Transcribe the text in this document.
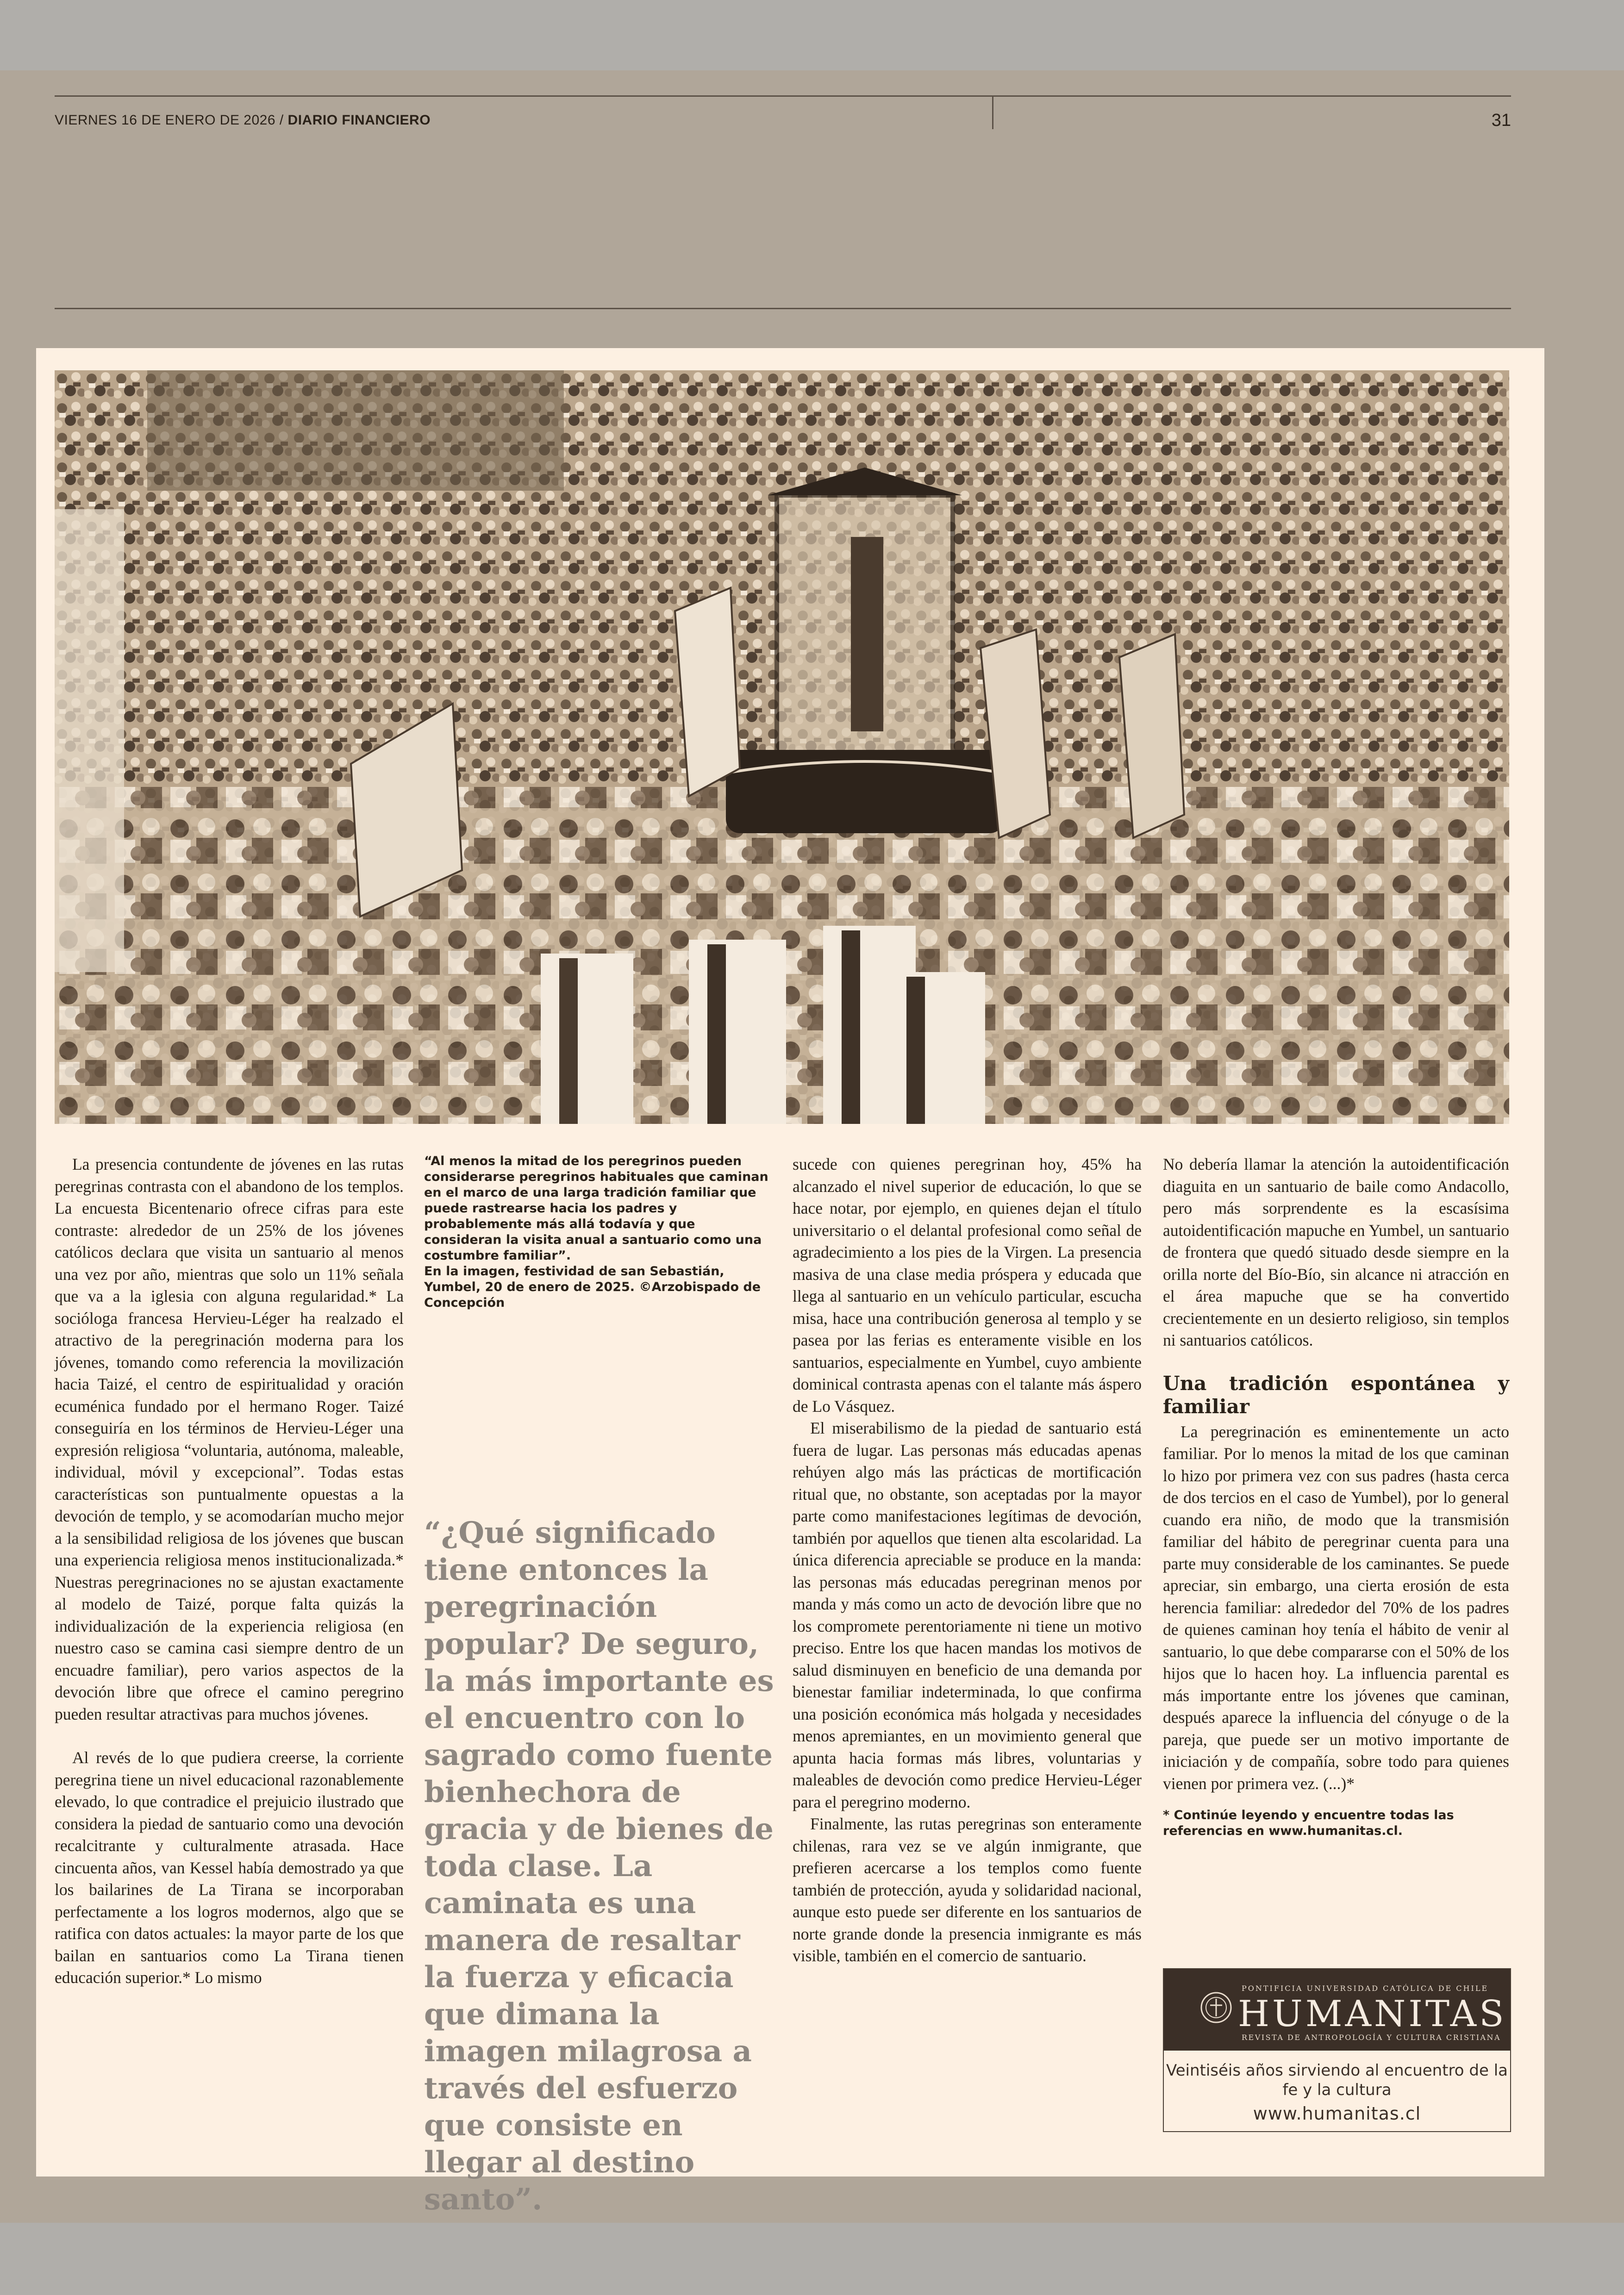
VIERNES 16 DE ENERO DE 2026 / DIARIO FINANCIERO	31

La presencia contundente de jóvenes en las rutas peregrinas contrasta con el abandono de los templos. La encuesta Bicentenario ofrece cifras para este contraste: alrededor de un 25% de los jóvenes católicos declara que visita un santuario al menos una vez por año, mientras que solo un 11% señala que va a la iglesia con alguna regularidad.* La socióloga francesa Hervieu-Léger ha realzado el atractivo de la peregrinación moderna para los jóvenes, tomando como referencia la movilización hacia Taizé, el centro de espiritualidad y oración ecuménica fundado por el hermano Roger. Taizé conseguiría en los términos de Hervieu-Léger una expresión religiosa “voluntaria, autónoma, maleable, individual, móvil y excepcional”. Todas estas características son puntualmente opuestas a la devoción de templo, y se acomodarían mucho mejor a la sensibilidad religiosa de los jóvenes que buscan una experiencia religiosa menos institucionalizada.* Nuestras peregrinaciones no se ajustan exactamente al modelo de Taizé, porque falta quizás la individualización de la experiencia religiosa (en nuestro caso se camina casi siempre dentro de un encuadre familiar), pero varios aspectos de la devoción libre que ofrece el camino peregrino pueden resultar atractivas para muchos jóvenes.

Al revés de lo que pudiera creerse, la corriente peregrina tiene un nivel educacional razonablemente elevado, lo que contradice el prejuicio ilustrado que considera la piedad de santuario como una devoción recalcitrante y culturalmente atrasada. Hace cincuenta años, van Kessel había demostrado ya que los bailarines de La Tirana se incorporaban perfectamente a los logros modernos, algo que se ratifica con datos actuales: la mayor parte de los que bailan en santuarios como La Tirana tienen educación superior.* Lo mismo

“Al menos la mitad de los peregrinos pueden considerarse peregrinos habituales que caminan en el marco de una larga tradición familiar que puede rastrearse hacia los padres y probablemente más allá todavía y que consideran la visita anual a santuario como una costumbre familiar”.
En la imagen, festividad de san Sebastián, Yumbel, 20 de enero de 2025. ©Arzobispado de Concepción
“¿Qué significado tiene entonces la peregrinación popular? De seguro, la más importante es el encuentro con lo sagrado como fuente bienhechora de gracia y de bienes de toda clase. La caminata es una manera de resaltar la fuerza y eficacia que dimana la imagen milagrosa a través del esfuerzo que consiste en llegar al destino santo”.

sucede con quienes peregrinan hoy, 45% ha alcanzado el nivel superior de educación, lo que se hace notar, por ejemplo, en quienes dejan el título universitario o el delantal profesional como señal de agradecimiento a los pies de la Virgen. La presencia masiva de una clase media próspera y educada que llega al santuario en un vehículo particular, escucha misa, hace una contribución generosa al templo y se pasea por las ferias es enteramente visible en los santuarios, especialmente en Yumbel, cuyo ambiente dominical contrasta apenas con el talante más áspero de Lo Vásquez.

El miserabilismo de la piedad de santuario está fuera de lugar. Las personas más educadas apenas rehúyen algo más las prácticas de mortificación ritual que, no obstante, son aceptadas por la mayor parte como manifestaciones legítimas de devoción, también por aquellos que tienen alta escolaridad. La única diferencia apreciable se produce en la manda: las personas más educadas peregrinan menos por manda y más como un acto de devoción libre que no los compromete perentoriamente ni tiene un motivo preciso. Entre los que hacen mandas los motivos de salud disminuyen en beneficio de una demanda por bienestar familiar indeterminada, lo que confirma una posición económica más holgada y necesidades menos apremiantes, en un movimiento general que apunta hacia formas más libres, voluntarias y maleables de devoción como predice Hervieu-Léger para el peregrino moderno.

Finalmente, las rutas peregrinas son enteramente chilenas, rara vez se ve algún inmigrante, que prefieren acercarse a los templos como fuente también de protección, ayuda y solidaridad nacional, aunque esto puede ser diferente en los santuarios de norte grande donde la presencia inmigrante es más visible, también en el comercio de santuario.

No debería llamar la atención la autoidentificación diaguita en un santuario de baile como Andacollo, pero más sorprendente es la escasísima autoidentificación mapuche en Yumbel, un santuario de frontera que quedó situado desde siempre en la orilla norte del Bío-Bío, sin alcance ni atracción en el área mapuche que se ha convertido crecientemente en un desierto religioso, sin templos ni santuarios católicos.

Una tradición espontánea y familiar

La peregrinación es eminentemente un acto familiar. Por lo menos la mitad de los que caminan lo hizo por primera vez con sus padres (hasta cerca de dos tercios en el caso de Yumbel), por lo general cuando era niño, de modo que la transmisión familiar del hábito de peregrinar cuenta para una parte muy considerable de los caminantes. Se puede apreciar, sin embargo, una cierta erosión de esta herencia familiar: alrededor del 70% de los padres de quienes caminan hoy tenía el hábito de venir al santuario, lo que debe compararse con el 50% de los hijos que lo hacen hoy. La influencia parental es más importante entre los jóvenes que caminan, después aparece la influencia del cónyuge o de la pareja, que puede ser un motivo importante de iniciación y de compañía, sobre todo para quienes vienen por primera vez. (...)*

* Continúe leyendo y encuentre todas las referencias en www.humanitas.cl.
PONTIFICIA UNIVERSIDAD CATÓLICA DE CHILE
HUMANITAS
REVISTA DE ANTROPOLOGÍA Y CULTURA CRISTIANA
Veintiséis años sirviendo al encuentro de la fe y la cultura
www.humanitas.cl
